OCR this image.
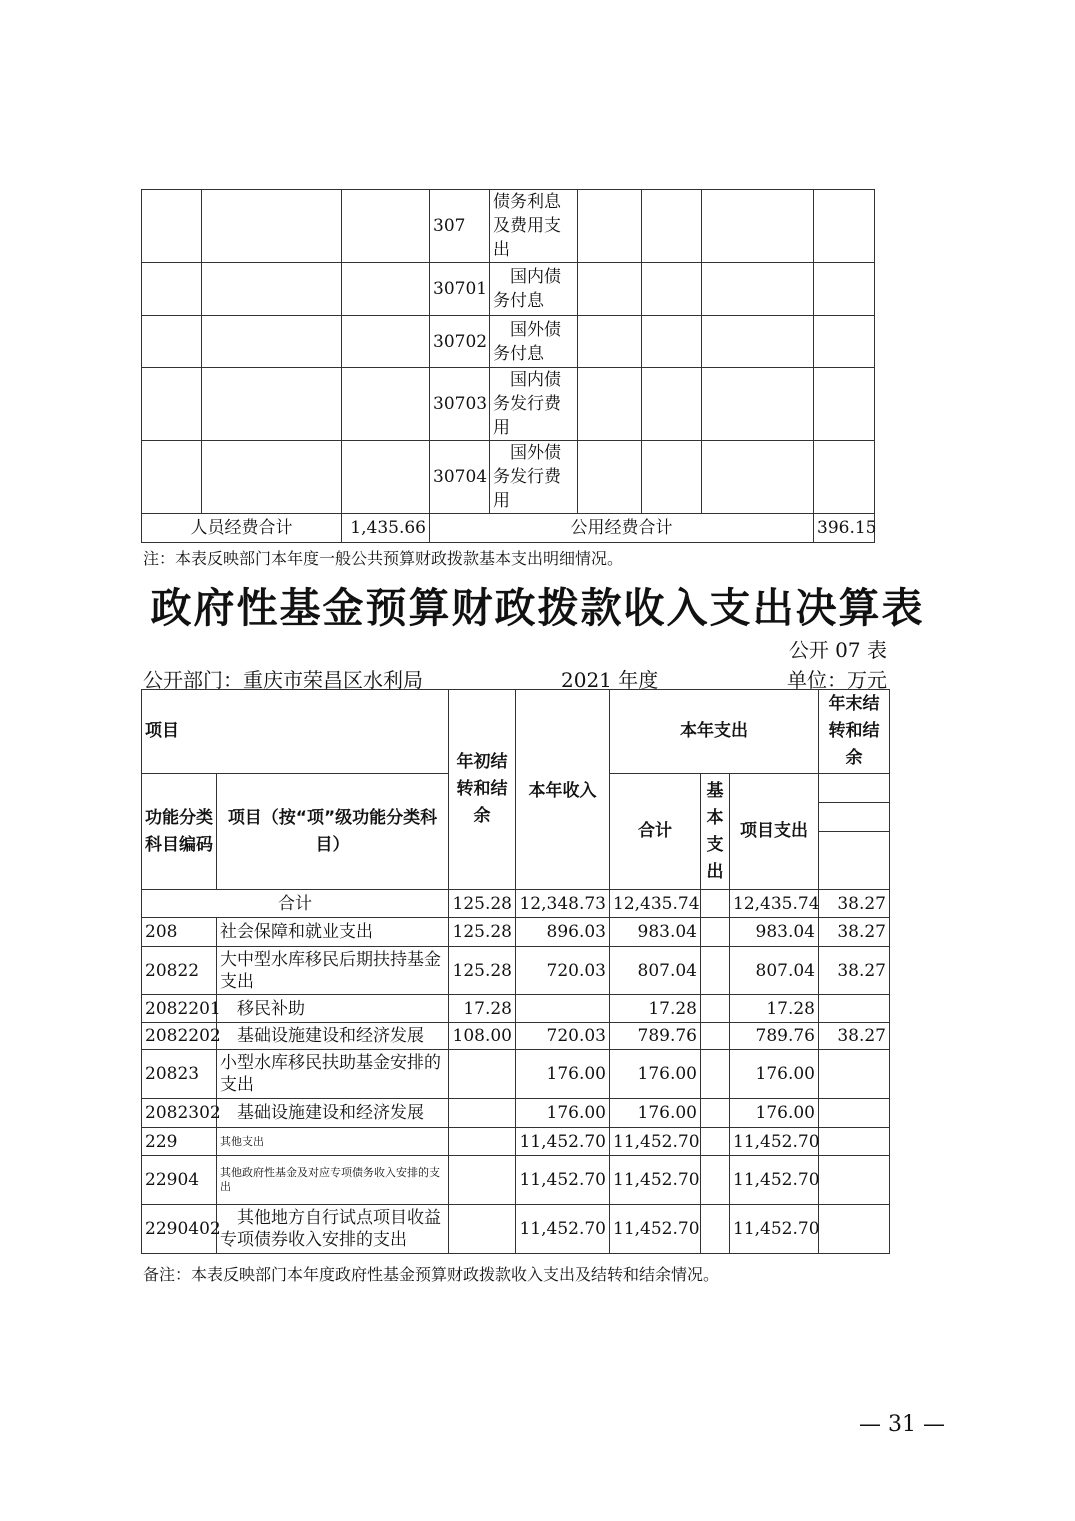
			307	债务利息及费用支出				
			30701	国内债务付息				
			30702	国外债务付息				
			30703	国内债务发行费用				
			30704	国外债务发行费用				
人员经费合计		1,435.66	公用经费合计					396.15
注：本表反映部门本年度一般公共预算财政拨款基本支出明细情况。
政府性基金预算财政拨款收入支出决算表
公开 07 表
公开部门：重庆市荣昌区水利局	2021 年度	单位：万元
项目		年初结转和结余	本年收入	本年支出			年末结转和结余
功能分类科目编码	项目（按“项”级功能分类科目）			合计	基本支出	项目支出	

合计		125.28	12,348.73	12,435.74		12,435.74	38.27
208	社会保障和就业支出	125.28	896.03	983.04		983.04	38.27
20822	大中型水库移民后期扶持基金支出	125.28	720.03	807.04		807.04	38.27
2082201	移民补助	17.28		17.28		17.28	
2082202	基础设施建设和经济发展	108.00	720.03	789.76		789.76	38.27
20823	小型水库移民扶助基金安排的支出		176.00	176.00		176.00	
2082302	基础设施建设和经济发展		176.00	176.00		176.00	
229	其他支出		11,452.70	11,452.70		11,452.70	
22904	其他政府性基金及对应专项债务收入安排的支出		11,452.70	11,452.70		11,452.70	
2290402	其他地方自行试点项目收益专项债券收入安排的支出		11,452.70	11,452.70		11,452.70	
备注：本表反映部门本年度政府性基金预算财政拨款收入支出及结转和结余情况。
— 31 —
